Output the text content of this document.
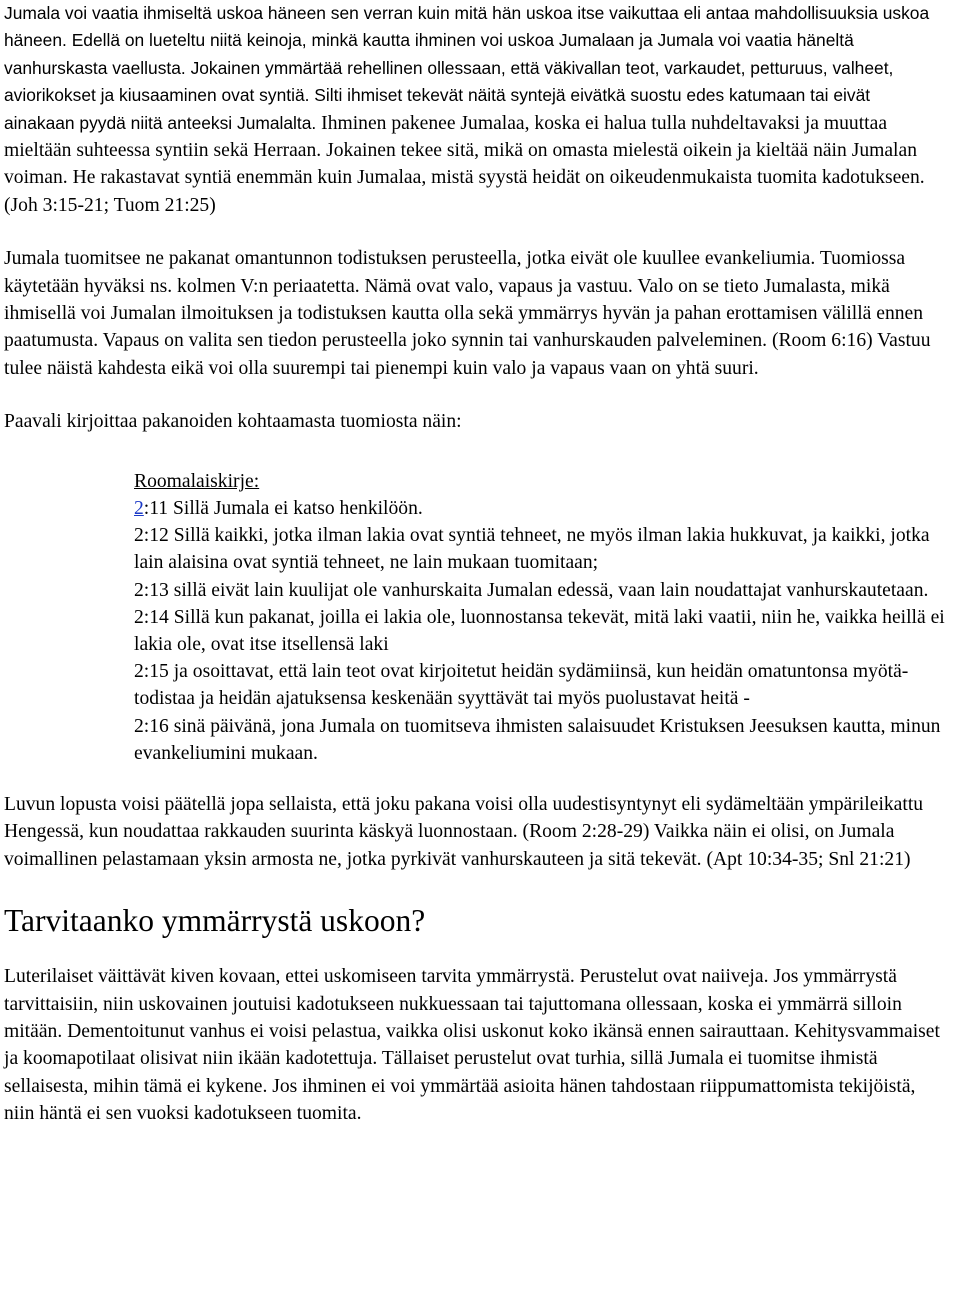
Jumala voi vaatia ihmiseltä uskoa häneen sen verran kuin mitä hän uskoa itse vaikuttaa eli antaa mahdollisuuksia uskoa häneen. Edellä on lueteltu niitä keinoja, minkä kautta ihminen voi uskoa Jumalaan ja Jumala voi vaatia häneltä vanhurskasta vaellusta. Jokainen ymmärtää rehellinen ollessaan, että väkivallan teot, varkaudet, petturuus, valheet, aviorikokset ja kiusaaminen ovat syntiä. Silti ihmiset tekevät näitä syntejä eivätkä suostu edes katumaan tai eivät ainakaan pyydä niitä anteeksi Jumalalta. Ihminen pakenee Jumalaa, koska ei halua tulla nuhdeltavaksi ja muuttaa mieltään suhteessa syntiin sekä Herraan. Jokainen tekee sitä, mikä on omasta mielestä oikein ja kieltää näin Jumalan voiman. He rakastavat syntiä enemmän kuin Jumalaa, mistä syystä heidät on oikeudenmukaista tuomita kadotukseen. (Joh 3:15-21; Tuom 21:25)

Jumala tuomitsee ne pakanat omantunnon todistuksen perusteella, jotka eivät ole kuullee evankeliumia. Tuomiossa käytetään hyväksi ns. kolmen V:n periaatetta. Nämä ovat valo, vapaus ja vastuu. Valo on se tieto Jumalasta, mikä ihmisellä voi Jumalan ilmoituksen ja todistuksen kautta olla sekä ymmärrys hyvän ja pahan erottamisen välillä ennen paatumusta. Vapaus on valita sen tiedon perusteella joko synnin tai vanhurskauden palveleminen. (Room 6:16) Vastuu tulee näistä kahdesta eikä voi olla suurempi tai pienempi kuin valo ja vapaus vaan on yhtä suuri.

Paavali kirjoittaa pakanoiden kohtaamasta tuomiosta näin:

Roomalaiskirje:
2:11 Sillä Jumala ei katso henkilöön.
2:12 Sillä kaikki, jotka ilman lakia ovat syntiä tehneet, ne myös ilman lakia hukkuvat, ja kaikki, jotka lain alaisina ovat syntiä tehneet, ne lain mukaan tuomitaan;
2:13 sillä eivät lain kuulijat ole vanhurskaita Jumalan edessä, vaan lain noudattajat vanhurskautetaan.
2:14 Sillä kun pakanat, joilla ei lakia ole, luonnostansa tekevät, mitä laki vaatii, niin he, vaikka heillä ei lakia ole, ovat itse itsellensä laki
2:15 ja osoittavat, että lain teot ovat kirjoitetut heidän sydämiinsä, kun heidän omatuntonsa myötä-todistaa ja heidän ajatuksensa keskenään syyttävät tai myös puolustavat heitä -
2:16 sinä päivänä, jona Jumala on tuomitseva ihmisten salaisuudet Kristuksen Jeesuksen kautta, minun evankeliumini mukaan.

Luvun lopusta voisi päätellä jopa sellaista, että joku pakana voisi olla uudestisyntynyt eli sydämeltään ympärileikattu Hengessä, kun noudattaa rakkauden suurinta käskyä luonnostaan. (Room 2:28-29) Vaikka näin ei olisi, on Jumala voimallinen pelastamaan yksin armosta ne, jotka pyrkivät vanhurskauteen ja sitä tekevät. (Apt 10:34-35; Snl 21:21)

Tarvitaanko ymmärrystä uskoon?

Luterilaiset väittävät kiven kovaan, ettei uskomiseen tarvita ymmärrystä. Perustelut ovat naiiveja. Jos ymmärrystä tarvittaisiin, niin uskovainen joutuisi kadotukseen nukkuessaan tai tajuttomana ollessaan, koska ei ymmärrä silloin mitään. Dementoitunut vanhus ei voisi pelastua, vaikka olisi uskonut koko ikänsä ennen sairauttaan. Kehitysvammaiset ja koomapotilaat olisivat niin ikään kadotettuja. Tällaiset perustelut ovat turhia, sillä Jumala ei tuomitse ihmistä sellaisesta, mihin tämä ei kykene. Jos ihminen ei voi ymmärtää asioita hänen tahdostaan riippumattomista tekijöistä, niin häntä ei sen vuoksi kadotukseen tuomita.
